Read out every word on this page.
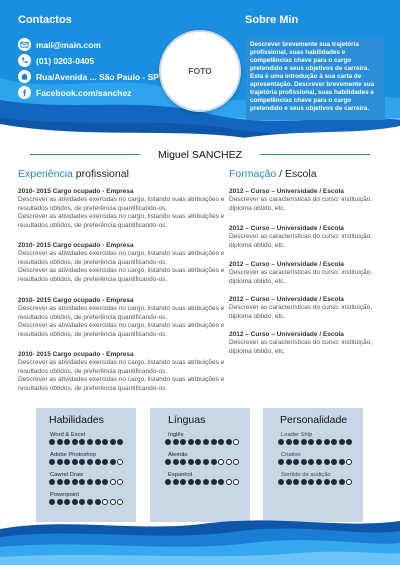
Contactos
mail@main.com
(01) 0203-0405
Rua/Avenida ... São Paulo - SP
Facebook.com/sanchez
FOTO
Sobre Min
Descrever brevemente sua trajetória profissional, suas habilidades e competências chave para o cargo pretendido e seus objetivos de carreira. Esta é uma introdução à sua carta de apresentação. Descrever brevemente sua trajetória profissional, suas habilidades e competências chave para o cargo pretendido e seus objetivos de carreira.
Miguel SANCHEZ
Experiência profissional
2010- 2015 Cargo ocupado - Empresa
Descrever as atividades exercidas no cargo, listando suas atribuições e resultados obtidos, de preferência quantificando-os.
Descrever as atividades exercidas no cargo, listando suas atribuições e resultados obtidos, de preferência quantificando-os.
2010- 2015 Cargo ocupado - Empresa
Descrever as atividades exercidas no cargo, listando suas atribuições e resultados obtidos, de preferência quantificando-os.
Descrever as atividades exercidas no cargo, listando suas atribuições e resultados obtidos, de preferência quantificando-os.
2010- 2015 Cargo ocupado - Empresa
Descrever as atividades exercidas no cargo, listando suas atribuições e resultados obtidos, de preferência quantificando-os.
Descrever as atividades exercidas no cargo, listando suas atribuições e resultados obtidos, de preferência quantificando-os.
2010- 2015 Cargo ocupado - Empresa
Descrever as atividades exercidas no cargo, listando suas atribuições e resultados obtidos, de preferência quantificando-os.
Descrever as atividades exercidas no cargo, listando suas atribuições e resultados obtidos, de preferência quantificando-os.
Formação / Escola
2012 – Curso – Universidade / Escola
Descrever as características do curso: instituição, diploma obtido, etc.
2012 – Curso – Universidade / Escola
Descrever as características do curso: instituição, diploma obtido, etc.
2012 – Curso – Universidade / Escola
Descrever as características do curso: instituição, diploma obtido, etc.
2012 – Curso – Universidade / Escola
Descrever as características do curso: instituição, diploma obtido, etc.
2012 – Curso – Universidade / Escola
Descrever as características do curso: instituição, diploma obtido, etc.
Habilidades
Word & Excel
Adobe Photoshop
Cawrel Draw
Powerpoint
Línguas
Inglês
Alemão
Espanhol
Personalidade
Leader Ship
Criativo
Sentido da audição
